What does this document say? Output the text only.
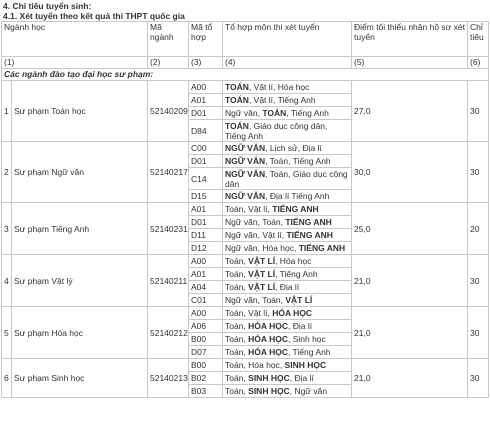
4. Chỉ tiêu tuyển sinh:

4.1. Xét tuyển theo kết quả thi THPT quốc gia

Ngành học		Mã ngành	Mã tổ hợp	Tổ hợp môn thi xét tuyển	Điểm tối thiểu nhận hồ sơ xét tuyển	Chỉ tiêu
(1)		(2)	(3)	(4)	(5)	(6)
Các ngành đào tạo đại học sư phạm:						
1	Sư phạm Toán học	52140209	A00	TOÁN, Vật lí, Hóa học	27,0	30
			A01	TOÁN, Vật lí, Tiếng Anh		
			D01	Ngữ văn, TOÁN, Tiếng Anh		
			D84	TOÁN, Giáo dục công dân, Tiếng Anh		
2	Sư phạm Ngữ văn	52140217	C00	NGỮ VĂN, Lịch sử, Địa lí	30,0	30
			D01	NGỮ VĂN, Toán, Tiếng Anh		
			C14	NGỮ VĂN, Toán, Giáo dục công dân		
			D15	NGỮ VĂN, Địa lí Tiếng Anh		
3	Sư phạm Tiếng Anh	52140231	A01	Toán, Vật lí, TIẾNG ANH	25,0	20
			D01	Ngữ văn, Toán, TIẾNG ANH		
			D11	Ngữ văn, Vật lí, TIẾNG ANH		
			D12	Ngữ văn, Hóa học, TIẾNG ANH		
4	Sư phạm Vật lý	52140211	A00	Toán, VẬT LÍ, Hóa học	21,0	30
			A01	Toán, VẬT LÍ, Tiếng Anh		
			A04	Toán, VẬT LÍ, Địa lí		
			C01	Ngữ văn, Toán, VẬT LÍ		
5	Sư phạm Hóa học	52140212	A00	Toán, Vật lí, HÓA HỌC	21,0	30
			A06	Toán, HÓA HỌC, Địa lí		
			B00	Toán, HÓA HỌC, Sinh học		
			D07	Toán, HÓA HỌC, Tiếng Anh		
6	Sư phạm Sinh học	52140213	B00	Toán, Hóa học, SINH HỌC	21,0	30
			B02	Toán, SINH HỌC, Địa lí		
			B03	Toán, SINH HỌC, Ngữ văn		
